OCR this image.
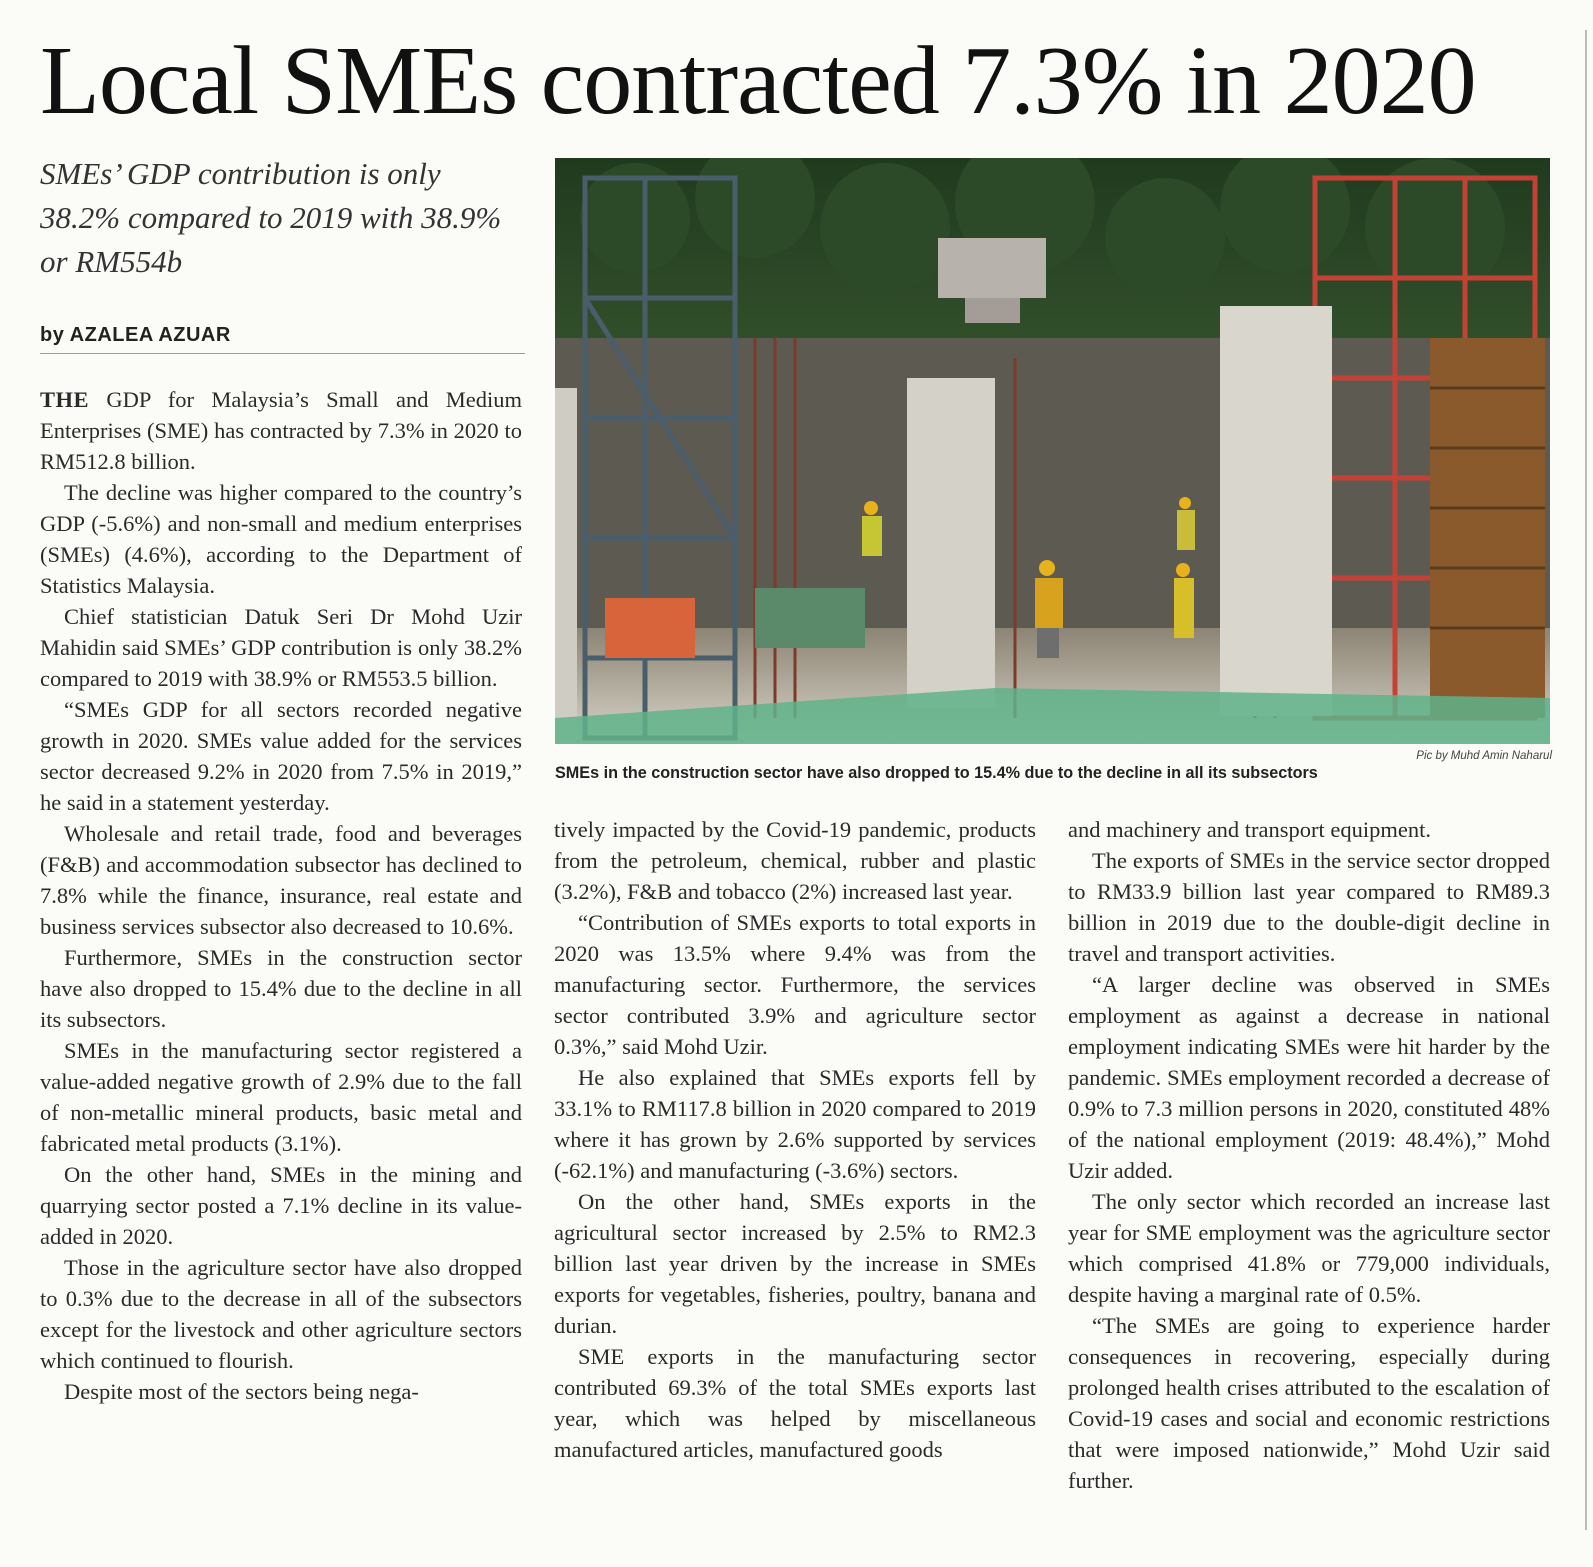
Local SMEs contracted 7.3% in 2020
SMEs’ GDP contribution is only 38.2% compared to 2019 with 38.9% or RM554b
by AZALEA AZUAR
Pic by Muhd Amin Naharul
SMEs in the construction sector have also dropped to 15.4% due to the decline in all its subsectors

THE GDP for Malaysia’s Small and Medium Enterprises (SME) has contracted by 7.3% in 2020 to RM512.8 billion.

The decline was higher compared to the country’s GDP (-5.6%) and non-small and medium enterprises (SMEs) (4.6%), according to the Department of Statistics Malaysia.

Chief statistician Datuk Seri Dr Mohd Uzir Mahidin said SMEs’ GDP contribution is only 38.2% compared to 2019 with 38.9% or RM553.5 billion.

“SMEs GDP for all sectors recorded negative growth in 2020. SMEs value added for the services sector decreased 9.2% in 2020 from 7.5% in 2019,” he said in a statement yesterday.

Wholesale and retail trade, food and beverages (F&B) and accommodation subsector has declined to 7.8% while the finance, insurance, real estate and business services subsector also decreased to 10.6%.

Furthermore, SMEs in the construction sector have also dropped to 15.4% due to the decline in all its subsectors.

SMEs in the manufacturing sector registered a value-added negative growth of 2.9% due to the fall of non-metallic mineral products, basic metal and fabricated metal products (3.1%).

On the other hand, SMEs in the mining and quarrying sector posted a 7.1% decline in its value-added in 2020.

Those in the agriculture sector have also dropped to 0.3% due to the decrease in all of the subsectors except for the livestock and other agriculture sectors which continued to flourish.

Despite most of the sectors being nega-

tively impacted by the Covid-19 pandemic, products from the petroleum, chemical, rubber and plastic (3.2%), F&B and tobacco (2%) increased last year.

“Contribution of SMEs exports to total exports in 2020 was 13.5% where 9.4% was from the manufacturing sector. Furthermore, the services sector contributed 3.9% and agriculture sector 0.3%,” said Mohd Uzir.

He also explained that SMEs exports fell by 33.1% to RM117.8 billion in 2020 compared to 2019 where it has grown by 2.6% supported by services (-62.1%) and manufacturing (-3.6%) sectors.

On the other hand, SMEs exports in the agricultural sector increased by 2.5% to RM2.3 billion last year driven by the increase in SMEs exports for vegetables, fisheries, poultry, banana and durian.

SME exports in the manufacturing sector contributed 69.3% of the total SMEs exports last year, which was helped by miscellaneous manufactured articles, manufactured goods

and machinery and transport equipment.

The exports of SMEs in the service sector dropped to RM33.9 billion last year compared to RM89.3 billion in 2019 due to the double-digit decline in travel and transport activities.

“A larger decline was observed in SMEs employment as against a decrease in national employment indicating SMEs were hit harder by the pandemic. SMEs employment recorded a decrease of 0.9% to 7.3 million persons in 2020, constituted 48% of the national employment (2019: 48.4%),” Mohd Uzir added.

The only sector which recorded an increase last year for SME employment was the agriculture sector which comprised 41.8% or 779,000 individuals, despite having a marginal rate of 0.5%.

“The SMEs are going to experience harder consequences in recovering, especially during prolonged health crises attributed to the escalation of Covid-19 cases and social and economic restrictions that were imposed nationwide,” Mohd Uzir said further.
